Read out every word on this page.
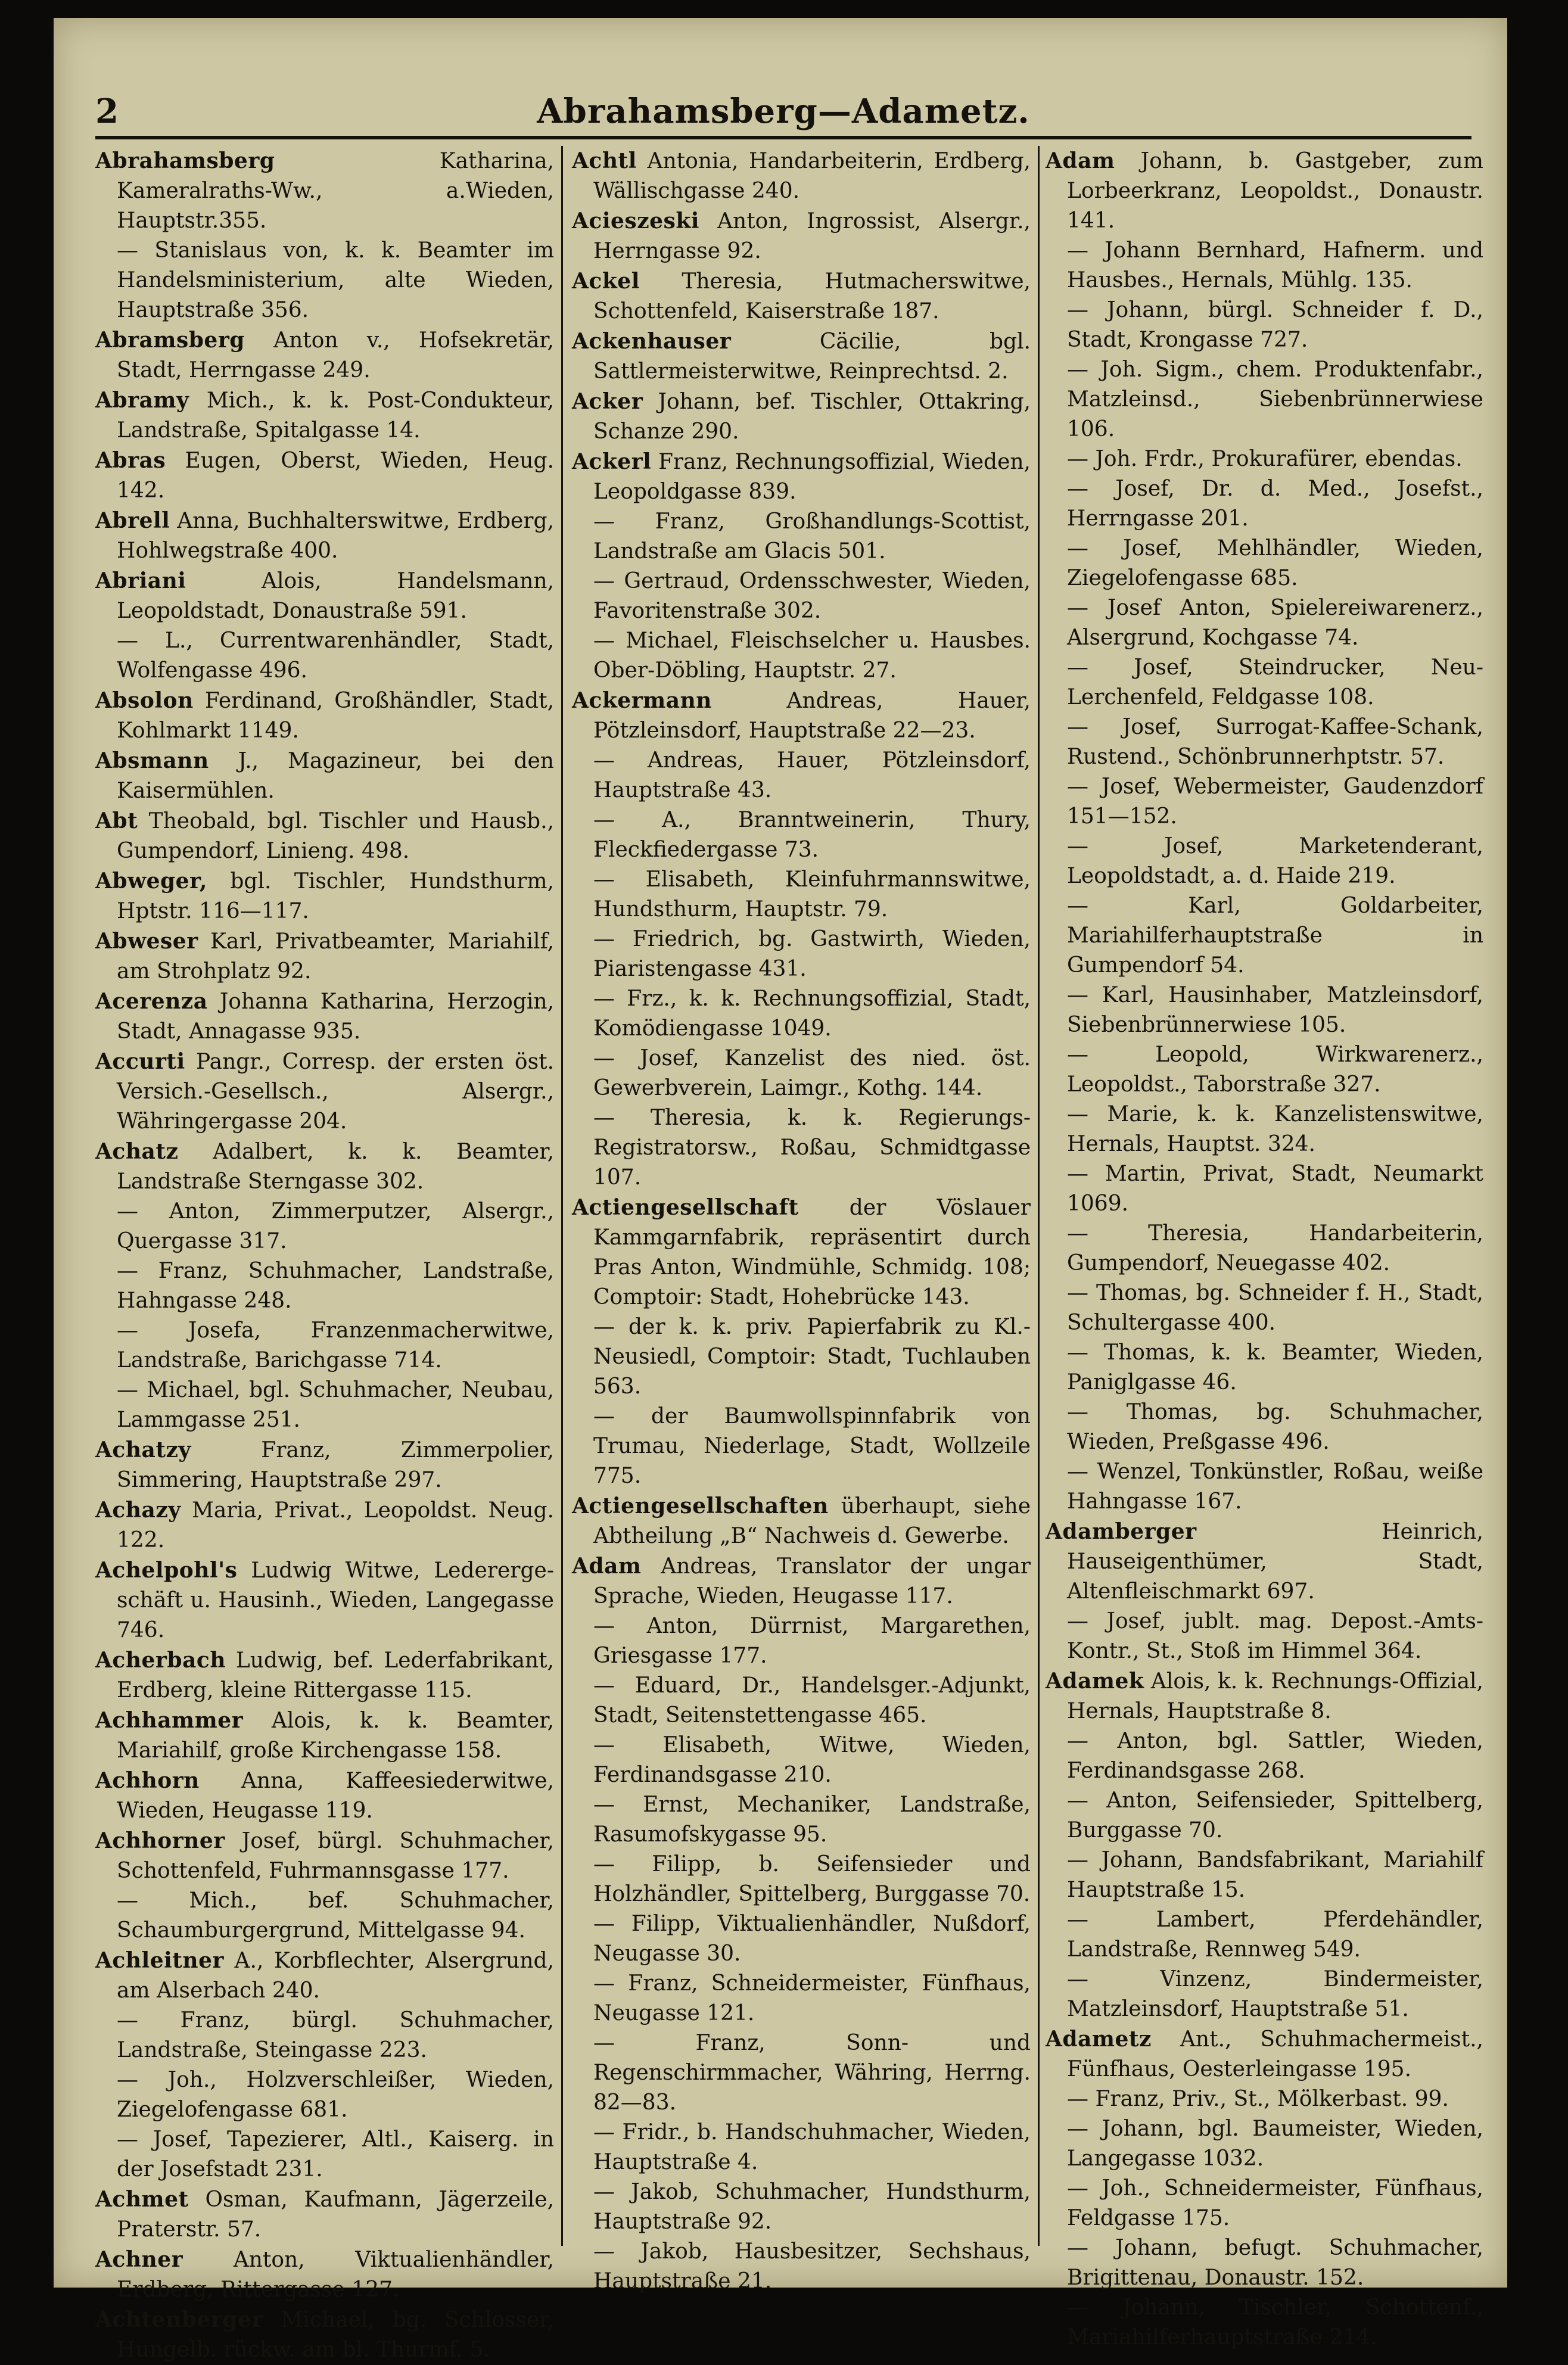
2	Abrahamsberg—Adametz.

Abrahamsberg	Katharina, Kameralraths-Ww., a.Wieden, Hauptstr.355.

— Stanislaus von, k. k. Beamter im Handelsministerium, alte Wieden, Hauptstraße 356.

Abramsberg Anton v., Hofsekretär, Stadt, Herrngasse 249.

Abramy Mich., k. k. Post-Condukteur, Landstraße, Spitalgasse 14.

Abras Eugen, Oberst, Wieden, Heug. 142.

Abrell Anna, Buchhalterswitwe, Erdberg, Hohlwegstraße 400.

Abriani	Alois, Handelsmann, Leopoldstadt, Donaustraße 591.

— L., Currentwarenhändler, Stadt, Wolfengasse 496.

Absolon Ferdinand, Großhändler, Stadt, Kohlmarkt 1149.

Absmann J., Magazineur, bei den Kaisermühlen.

Abt Theobald, bgl. Tischler und Hausb., Gumpendorf, Linieng. 498.

Abweger, bgl. Tischler, Hundsthurm, Hptstr. 116—117.

Abweser Karl, Privatbeamter, Mariahilf, am Strohplatz 92.

Acerenza Johanna Katharina, Herzogin, Stadt, Annagasse 935.

Accurti Pangr., Corresp. der ersten öst. Versich.-Gesellsch., Alsergr., Währingergasse 204.

Achatz Adalbert, k. k. Beamter, Landstraße Sterngasse 302.

— Anton, Zimmerputzer, Alsergr., Quergasse 317.

— Franz, Schuhmacher, Landstraße, Hahngasse 248.

— Josefa, Franzenmacherwitwe, Landstraße, Barichgasse 714.

— Michael, bgl. Schuhmacher, Neubau, Lammgasse 251.

Achatzy	Franz, Zimmerpolier, Simmering, Hauptstraße 297.

Achazy Maria, Privat., Leopoldst. Neug. 122.

Achelpohl's Ludwig Witwe, Ledererge-schäft u. Hausinh., Wieden, Langegasse 746.

Acherbach Ludwig, bef. Lederfabrikant, Erdberg, kleine Rittergasse 115.

Achhammer Alois, k. k. Beamter, Mariahilf, große Kirchengasse 158.

Achhorn Anna, Kaffeesiederwitwe, Wieden, Heugasse 119.

Achhorner Josef, bürgl. Schuhmacher, Schottenfeld, Fuhrmannsgasse 177.

— Mich., bef. Schuhmacher, Schaumburgergrund, Mittelgasse 94.

Achleitner A., Korbflechter, Alsergrund, am Alserbach 240.

— Franz, bürgl. Schuhmacher, Landstraße, Steingasse 223.

— Joh., Holzverschleißer, Wieden, Ziegelofengasse 681.

— Josef, Tapezierer, Altl., Kaiserg. in der Josefstadt 231.

Achmet Osman, Kaufmann, Jägerzeile, Praterstr. 57.

Achner Anton, Viktualienhändler, Erdberg, Rittergasse 127.

Achtenberger Michael, bg. Schlosser, Hungelb. rückw. am bl. Thurmf. 5.

Achtl Antonia, Handarbeiterin, Erdberg, Wällischgasse 240.

Acieszeski Anton, Ingrossist, Alsergr., Herrngasse 92.

Ackel Theresia, Hutmacherswitwe, Schottenfeld, Kaiserstraße 187.

Ackenhauser	Cäcilie, bgl. Sattlermeisterwitwe, Reinprechtsd. 2.

Acker Johann, bef. Tischler, Ottakring, Schanze 290.

Ackerl Franz, Rechnungsoffizial, Wieden, Leopoldgasse 839.

— Franz, Großhandlungs-Scottist, Landstraße am Glacis 501.

— Gertraud, Ordensschwester, Wieden, Favoritenstraße 302.

— Michael, Fleischselcher u. Hausbes. Ober-Döbling, Hauptstr. 27.

Ackermann	Andreas, Hauer, Pötzleinsdorf, Hauptstraße 22—23.

— Andreas, Hauer, Pötzleinsdorf, Hauptstraße 43.

— A., Branntweinerin, Thury, Fleckfiedergasse 73.

— Elisabeth, Kleinfuhrmannswitwe, Hundsthurm, Hauptstr. 79.

— Friedrich, bg. Gastwirth, Wieden, Piaristengasse 431.

— Frz., k. k. Rechnungsoffizial, Stadt, Komödiengasse 1049.

— Josef, Kanzelist des nied. öst. Gewerbverein, Laimgr., Kothg. 144.

— Theresia, k. k. Regierungs-Registratorsw., Roßau, Schmidtgasse 107.

Actiengesellschaft der Vöslauer Kammgarnfabrik, repräsentirt durch Pras Anton, Windmühle, Schmidg. 108; Comptoir: Stadt, Hohebrücke 143.

— der k. k. priv. Papierfabrik zu Kl.-Neusiedl, Comptoir: Stadt, Tuchlauben 563.

— der Baumwollspinnfabrik von Trumau, Niederlage, Stadt, Wollzeile 775.

Actiengesellschaften überhaupt, siehe Abtheilung „B“ Nachweis d. Gewerbe.

Adam Andreas, Translator der ungar Sprache, Wieden, Heugasse 117.

— Anton, Dürrnist, Margarethen, Griesgasse 177.

— Eduard, Dr., Handelsger.-Adjunkt, Stadt, Seitenstettengasse 465.

— Elisabeth, Witwe, Wieden, Ferdinandsgasse 210.

— Ernst, Mechaniker, Landstraße, Rasumofskygasse 95.

— Filipp, b. Seifensieder und Holzhändler, Spittelberg, Burggasse 70.

— Filipp, Viktualienhändler, Nußdorf, Neugasse 30.

— Franz, Schneidermeister, Fünfhaus, Neugasse 121.

— Franz, Sonn- und Regenschirmmacher, Währing, Herrng. 82—83.

— Fridr., b. Handschuhmacher, Wieden, Hauptstraße 4.

— Jakob, Schuhmacher, Hundsthurm, Hauptstraße 92.

— Jakob, Hausbesitzer, Sechshaus, Hauptstraße 21.

Adam Johann, b. Gastgeber, zum Lorbeerkranz, Leopoldst., Donaustr. 141.

— Johann Bernhard, Hafnerm. und Hausbes., Hernals, Mühlg. 135.

— Johann, bürgl. Schneider f. D., Stadt, Krongasse 727.

— Joh. Sigm., chem. Produktenfabr., Matzleinsd., Siebenbrünnerwiese 106.

— Joh. Frdr., Prokurafürer, ebendas.

— Josef, Dr. d. Med., Josefst., Herrngasse 201.

— Josef, Mehlhändler, Wieden, Ziegelofengasse 685.

— Josef Anton, Spielereiwarenerz., Alsergrund, Kochgasse 74.

— Josef, Steindrucker, Neu-Lerchenfeld, Feldgasse 108.

— Josef, Surrogat-Kaffee-Schank, Rustend., Schönbrunnerhptstr. 57.

— Josef, Webermeister, Gaudenzdorf 151—152.

— Josef, Marketenderant, Leopoldstadt, a. d. Haide 219.

— Karl, Goldarbeiter, Mariahilferhauptstraße in Gumpendorf 54.

— Karl, Hausinhaber, Matzleinsdorf, Siebenbrünnerwiese 105.

— Leopold, Wirkwarenerz., Leopoldst., Taborstraße 327.

— Marie, k. k. Kanzelistenswitwe, Hernals, Hauptst. 324.

— Martin, Privat, Stadt, Neumarkt 1069.

— Theresia, Handarbeiterin, Gumpendorf, Neuegasse 402.

— Thomas, bg. Schneider f. H., Stadt, Schultergasse 400.

— Thomas, k. k. Beamter, Wieden, Paniglgasse 46.

— Thomas, bg. Schuhmacher, Wieden, Preßgasse 496.

— Wenzel, Tonkünstler, Roßau, weiße Hahngasse 167.

Adamberger	Heinrich, Hauseigenthümer, Stadt, Altenfleischmarkt 697.

— Josef, jublt. mag. Depost.-Amts-Kontr., St., Stoß im Himmel 364.

Adamek Alois, k. k. Rechnungs-Offizial, Hernals, Hauptstraße 8.

— Anton, bgl. Sattler, Wieden, Ferdinandsgasse 268.

— Anton, Seifensieder, Spittelberg, Burggasse 70.

— Johann, Bandsfabrikant, Mariahilf Hauptstraße 15.

— Lambert, Pferdehändler, Landstraße, Rennweg 549.

— Vinzenz, Bindermeister, Matzleinsdorf, Hauptstraße 51.

Adametz Ant., Schuhmachermeist., Fünfhaus, Oesterleingasse 195.

— Franz, Priv., St., Mölkerbast. 99.

— Johann, bgl. Baumeister, Wieden, Langegasse 1032.

— Joh., Schneidermeister, Fünfhaus, Feldgasse 175.

— Johann, befugt. Schuhmacher, Brigittenau, Donaustr. 152.

— Johann, Tischler, Schottenf., Mariahilferhauptstraße 214.
